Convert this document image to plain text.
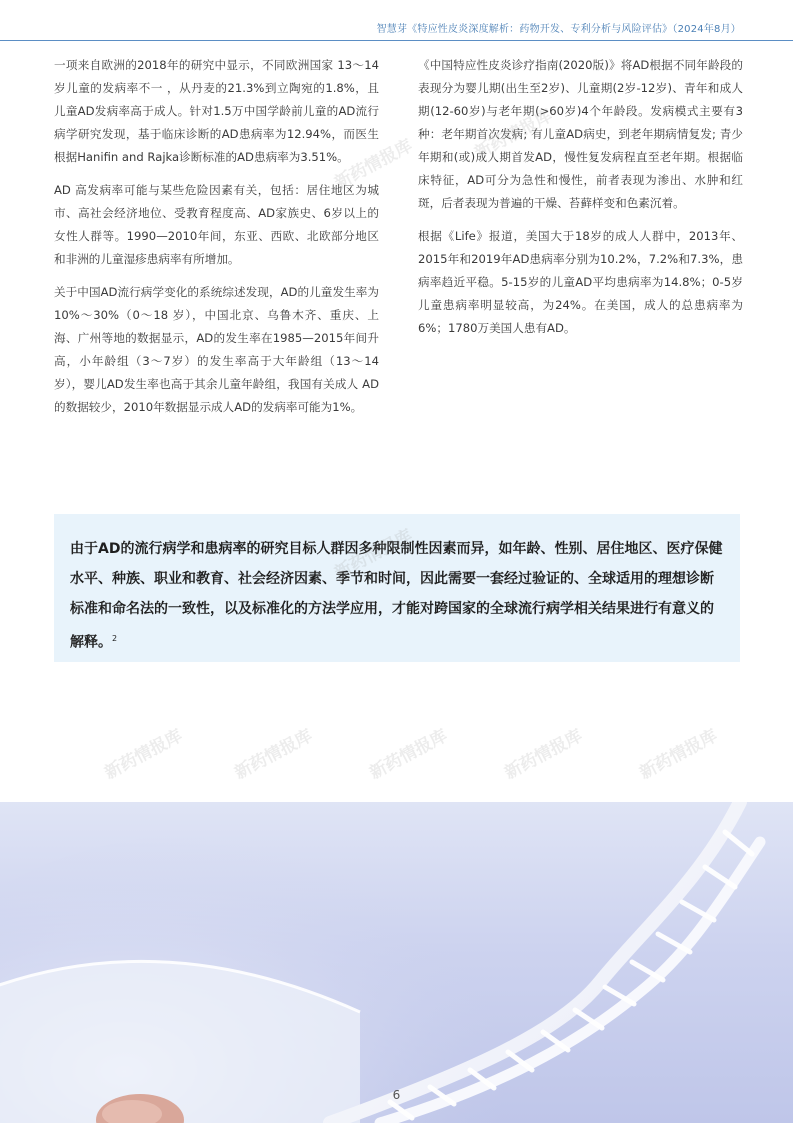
智慧芽《特应性皮炎深度解析：药物开发、专利分析与风险评估》（2024年8月）

一项来自欧洲的2018年的研究中显示，不同欧洲国家 13～14 岁儿童的发病率不一 ，从丹麦的21.3%到立陶宛的1.8%，且儿童AD发病率高于成人。针对1.5万中国学龄前儿童的AD流行病学研究发现，基于临床诊断的AD患病率为12.94%，而医生根据Hanifin and Rajka诊断标准的AD患病率为3.51%。

AD 高发病率可能与某些危险因素有关，包括：居住地区为城市、高社会经济地位、受教育程度高、AD家族史、6岁以上的女性人群等。1990—2010年间，东亚、西欧、北欧部分地区和非洲的儿童湿疹患病率有所增加。

关于中国AD流行病学变化的系统综述发现，AD的儿童发生率为10%～30%（0～18 岁），中国北京、乌鲁木齐、重庆、上海、广州等地的数据显示，AD的发生率在1985—2015年间升高，小年龄组（3～7岁）的发生率高于大年龄组（13～14岁），婴儿AD发生率也高于其余儿童年龄组，我国有关成人 AD的数据较少，2010年数据显示成人AD的发病率可能为1%。

《中国特应性皮炎诊疗指南(2020版)》将AD根据不同年龄段的表现分为婴儿期(出生至2岁)、儿童期(2岁-12岁)、青年和成人期(12-60岁)与老年期(>60岁)4个年龄段。发病模式主要有3种：老年期首次发病; 有儿童AD病史，到老年期病情复发; 青少年期和(或)成人期首发AD，慢性复发病程直至老年期。根据临床特征，AD可分为急性和慢性，前者表现为渗出、水肿和红斑，后者表现为普遍的干燥、苔藓样变和色素沉着。

根据《Life》报道，美国大于18岁的成人人群中，2013年、2015年和2019年AD患病率分别为10.2%，7.2%和7.3%，患病率趋近平稳。5-15岁的儿童AD平均患病率为14.8%；0-5岁儿童患病率明显较高，为24%。在美国，成人的总患病率为6%；1780万美国人患有AD。

由于AD的流行病学和患病率的研究目标人群因多种限制性因素而异，如年龄、性别、居住地区、医疗保健水平、种族、职业和教育、社会经济因素、季节和时间，因此需要一套经过验证的、全球适用的理想诊断标准和命名法的一致性，以及标准化的方法学应用，才能对跨国家的全球流行病学相关结果进行有意义的解释。$^2$

新药情报库
新药情报库
新药情报库	新药情报库	新药情报库	新药情报库	新药情报库
6
